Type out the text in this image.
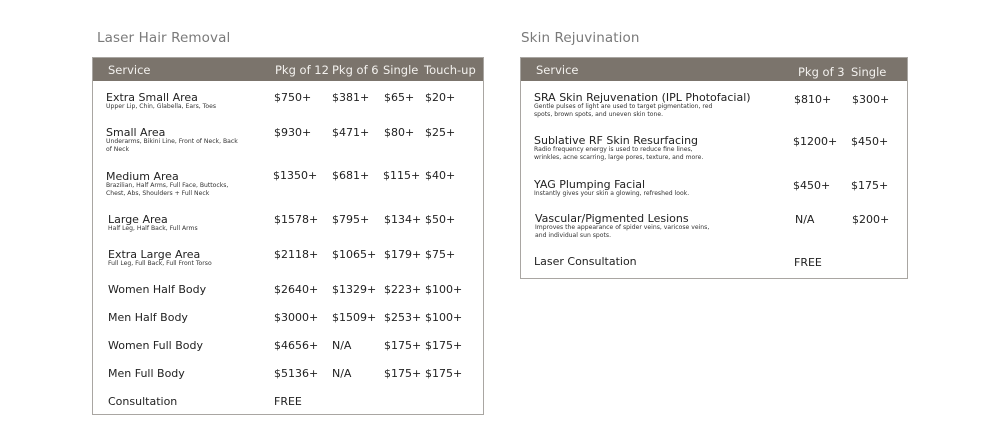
Laser Hair Removal
Service	Pkg of 12 Pkg of 6 Single Touch-up
Extra Small Area
Upper Lip, Chin, Glabella, Ears, Toes
$750+ $381+ $65+ $20+
Small Area
Underarms, Bikini Line, Front of Neck, Back of Neck
$930+ $471+ $80+ $25+
Medium Area
Brazilian, Half Arms, Full Face, Buttocks, Chest, Abs, Shoulders + Full Neck
$1350+ $681+ $115+ $40+
Large Area
Half Leg, Half Back, Full Arms
$1578+ $795+ $134+ $50+
Extra Large Area
Full Leg, Full Back, Full Front Torso
$2118+ $1065+ $179+ $75+
Women Half Body	$2640+ $1329+ $223+ $100+
Men Half Body	$3000+ $1509+ $253+ $100+
Women Full Body	$4656+ N/A	$175+ $175+
Men Full Body	$5136+ N/A	$175+ $175+
Consultation	FREE
Skin Rejuvination
Service	Pkg of 3 Single
SRA Skin Rejuvenation (IPL Photofacial)
Gentle pulses of light are used to target pigmentation, red spots, brown spots, and uneven skin tone.
$810+ $300+
Sublative RF Skin Resurfacing
Radio frequency energy is used to reduce fine lines, wrinkles, acne scarring, large pores, texture, and more.
$1200+ $450+
YAG Plumping Facial
Instantly gives your skin a glowing, refreshed look.
$450+ $175+
Vascular/Pigmented Lesions
Improves the appearance of spider veins, varicose veins, and individual sun spots.
N/A	$200+
Laser Consultation	FREE
